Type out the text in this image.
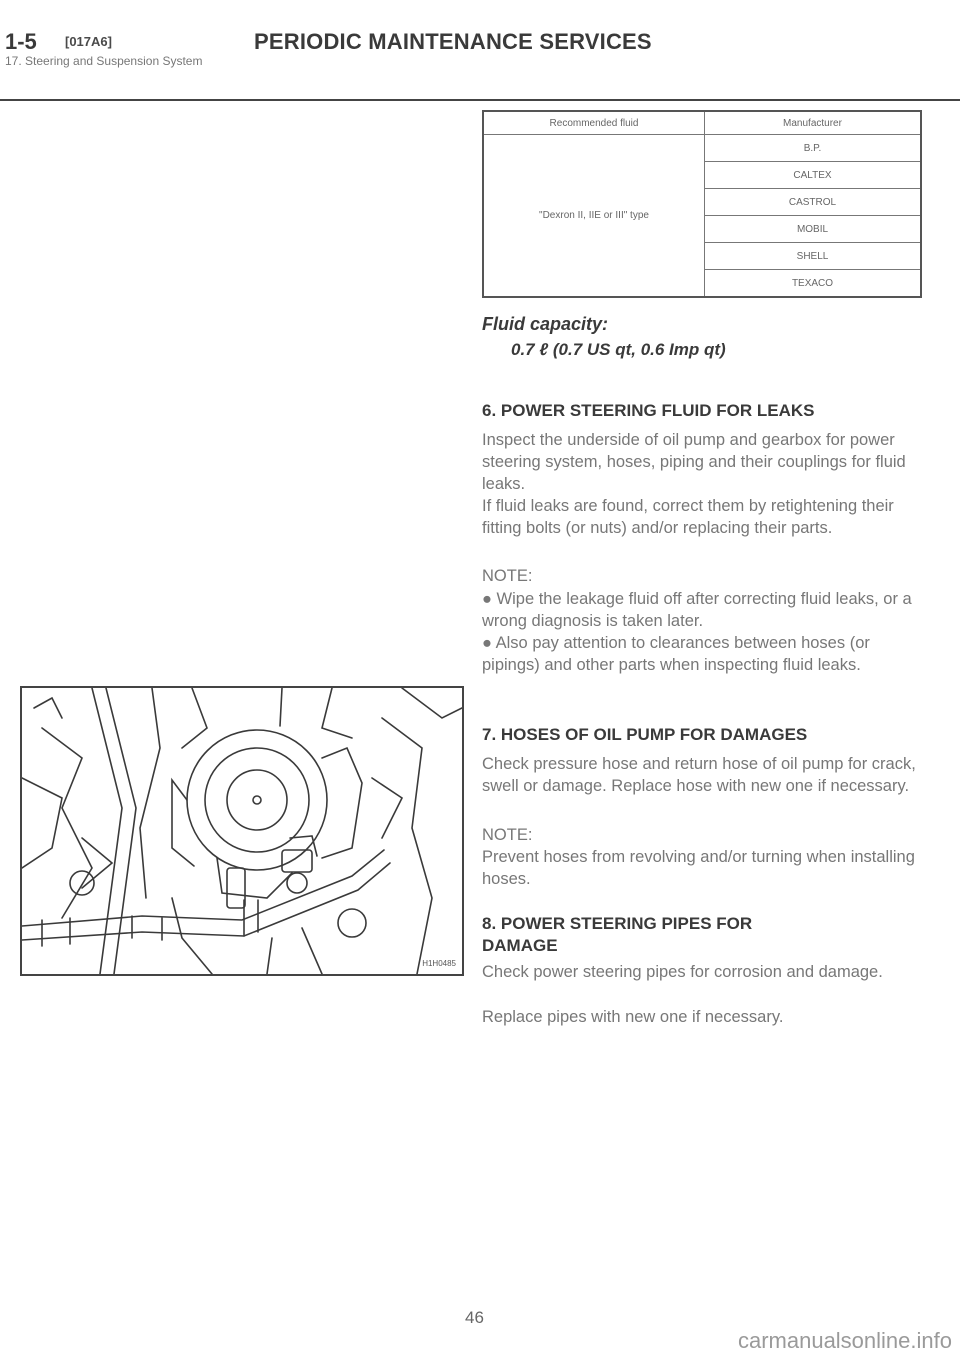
1-5 [017A6]	PERIODIC MAINTENANCE SERVICES
17. Steering and Suspension System
Recommended fluid	Manufacturer
"Dexron II, IIE or III" type	B.P.
	CALTEX
	CASTROL
	MOBIL
	SHELL
	TEXACO
Fluid capacity:
0.7 ℓ (0.7 US qt, 0.6 Imp qt)
6. POWER STEERING FLUID FOR LEAKS
Inspect the underside of oil pump and gearbox for power steering system, hoses, piping and their couplings for fluid leaks.
If fluid leaks are found, correct them by retightening their fitting bolts (or nuts) and/or replacing their parts.
NOTE:
● Wipe the leakage fluid off after correcting fluid leaks, or a wrong diagnosis is taken later.
● Also pay attention to clearances between hoses (or pipings) and other parts when inspecting fluid leaks.
7. HOSES OF OIL PUMP FOR DAMAGES
Check pressure hose and return hose of oil pump for crack, swell or damage. Replace hose with new one if necessary.
NOTE:
Prevent hoses from revolving and/or turning when installing hoses.
8. POWER STEERING PIPES FOR
DAMAGE
Check power steering pipes for corrosion and damage.
Replace pipes with new one if necessary.
H1H0485
46
carmanualsonline.info
